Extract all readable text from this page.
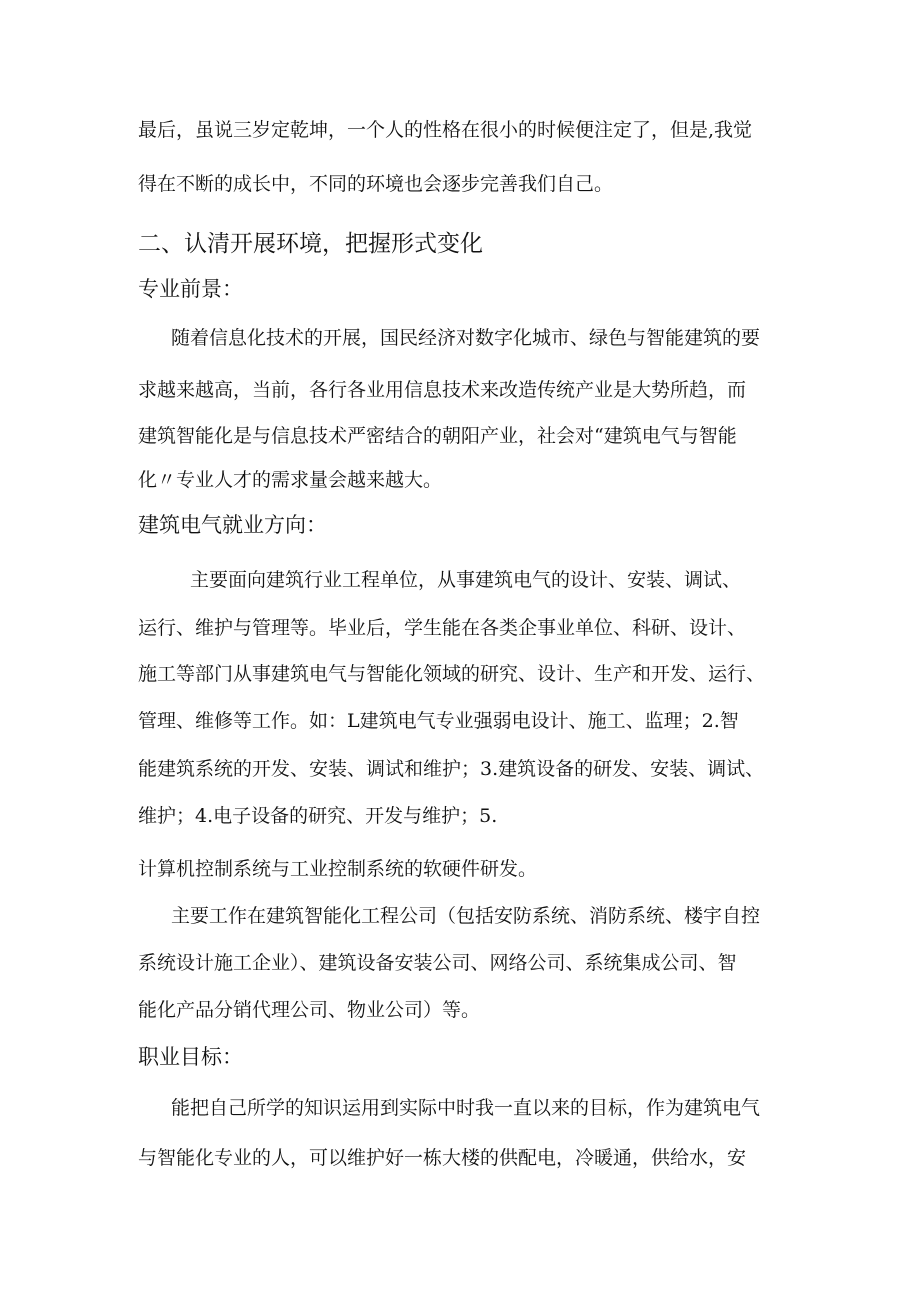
最后，虽说三岁定乾坤，一个人的性格在很小的时候便注定了，但是,我觉
得在不断的成长中，不同的环境也会逐步完善我们自己。
二、认清开展环境，把握形式变化
专业前景：
随着信息化技术的开展，国民经济对数字化城市、绿色与智能建筑的要
求越来越高，当前，各行各业用信息技术来改造传统产业是大势所趋，而
建筑智能化是与信息技术严密结合的朝阳产业，社会对“建筑电气与智能
化〃专业人才的需求量会越来越大。
建筑电气就业方向：
主要面向建筑行业工程单位，从事建筑电气的设计、安装、调试、
运行、维护与管理等。毕业后，学生能在各类企事业单位、科研、设计、
施工等部门从事建筑电气与智能化领域的研究、设计、生产和开发、运行、
管理、维修等工作。如：L建筑电气专业强弱电设计、施工、监理；2.智
能建筑系统的开发、安装、调试和维护；3.建筑设备的研发、安装、调试、
维护；4.电子设备的研究、开发与维护；5.
计算机控制系统与工业控制系统的软硬件研发。
主要工作在建筑智能化工程公司（包括安防系统、消防系统、楼宇自控
系统设计施工企业）、建筑设备安装公司、网络公司、系统集成公司、智
能化产品分销代理公司、物业公司）等。
职业目标：
能把自己所学的知识运用到实际中时我一直以来的目标，作为建筑电气
与智能化专业的人，可以维护好一栋大楼的供配电，冷暖通，供给水，安
